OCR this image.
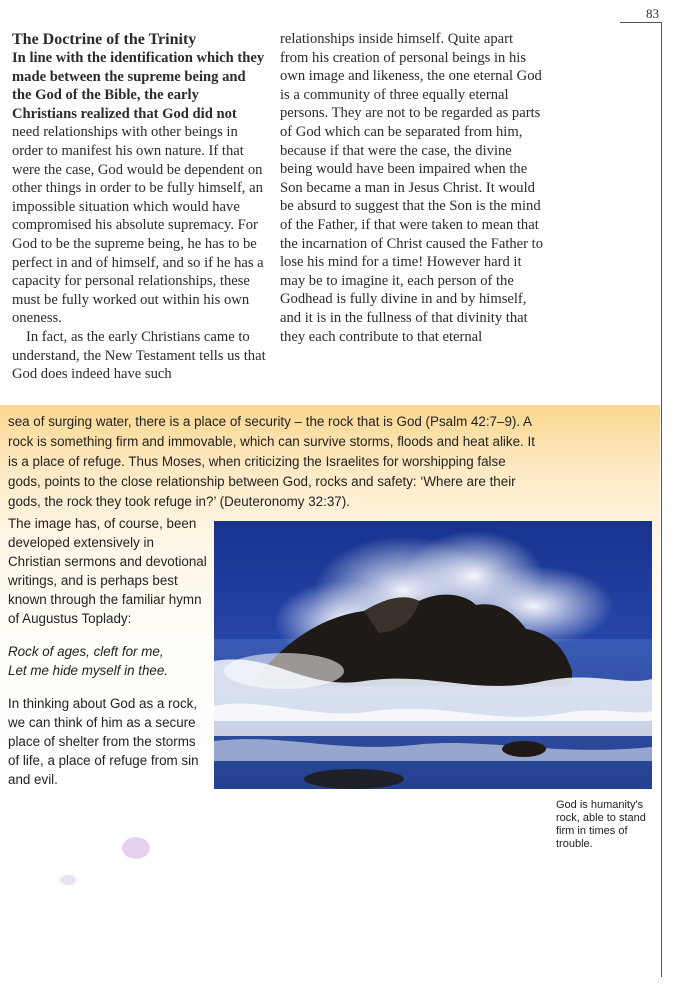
83
The Doctrine of the Trinity

In line with the identification which they made between the supreme being and the God of the Bible, the early Christians realized that God did not need relationships with other beings in order to manifest his own nature. If that were the case, God would be dependent on other things in order to be fully himself, an impossible situation which would have compromised his absolute supremacy. For God to be the supreme being, he has to be perfect in and of himself, and so if he has a capacity for personal relationships, these must be fully worked out within his own oneness.

In fact, as the early Christians came to understand, the New Testament tells us that God does indeed have such

relationships inside himself. Quite apart from his creation of personal beings in his own image and likeness, the one eternal God is a community of three equally eternal persons. They are not to be regarded as parts of God which can be separated from him, because if that were the case, the divine being would have been impaired when the Son became a man in Jesus Christ. It would be absurd to suggest that the Son is the mind of the Father, if that were taken to mean that the incarnation of Christ caused the Father to lose his mind for a time! However hard it may be to imagine it, each person of the Godhead is fully divine in and by himself, and it is in the fullness of that divinity that they each contribute to that eternal

sea of surging water, there is a place of security – the rock that is God (Psalm 42:7–9). A rock is something firm and immovable, which can survive storms, floods and heat alike. It is a place of refuge. Thus Moses, when criticizing the Israelites for worshipping false gods, points to the close relationship between God, rocks and safety: ‘Where are their gods, the rock they took refuge in?’ (Deuteronomy 32:37).

The image has, of course, been developed extensively in Christian sermons and devotional writings, and is perhaps best known through the familiar hymn of Augustus Toplady:

Rock of ages, cleft for me,
Let me hide myself in thee.

In thinking about God as a rock, we can think of him as a secure place of shelter from the storms of life, a place of refuge from sin and evil.

God is humanity's rock, able to stand firm in times of trouble.
